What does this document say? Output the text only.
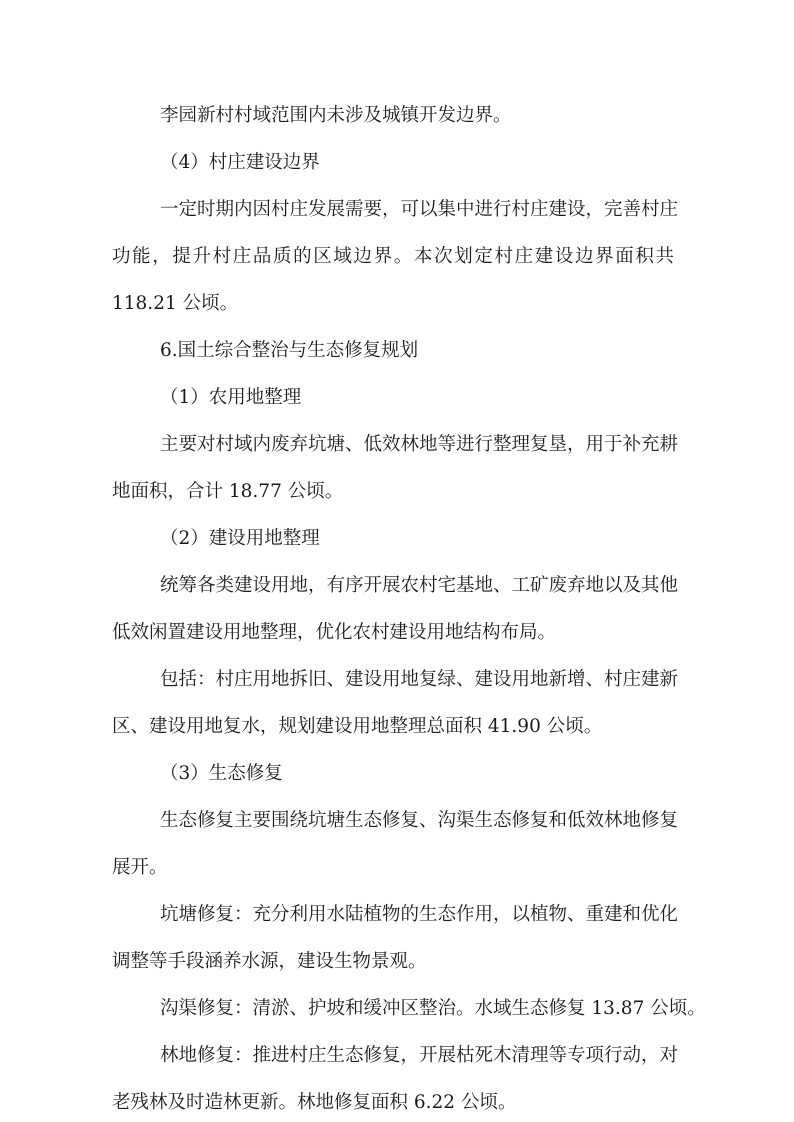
李园新村村域范围内未涉及城镇开发边界。
（4）村庄建设边界
一定时期内因村庄发展需要，可以集中进行村庄建设，完善村庄
功能，提升村庄品质的区域边界。本次划定村庄建设边界面积共
118.21 公顷。
6.国土综合整治与生态修复规划
（1）农用地整理
主要对村域内废弃坑塘、低效林地等进行整理复垦，用于补充耕
地面积，合计 18.77 公顷。
（2）建设用地整理
统筹各类建设用地，有序开展农村宅基地、工矿废弃地以及其他
低效闲置建设用地整理，优化农村建设用地结构布局。
包括：村庄用地拆旧、建设用地复绿、建设用地新增、村庄建新
区、建设用地复水，规划建设用地整理总面积 41.90 公顷。
（3）生态修复
生态修复主要围绕坑塘生态修复、沟渠生态修复和低效林地修复
展开。
坑塘修复：充分利用水陆植物的生态作用，以植物、重建和优化
调整等手段涵养水源，建设生物景观。
沟渠修复：清淤、护坡和缓冲区整治。水域生态修复 13.87 公顷。
林地修复：推进村庄生态修复，开展枯死木清理等专项行动，对
老残林及时造林更新。林地修复面积 6.22 公顷。
